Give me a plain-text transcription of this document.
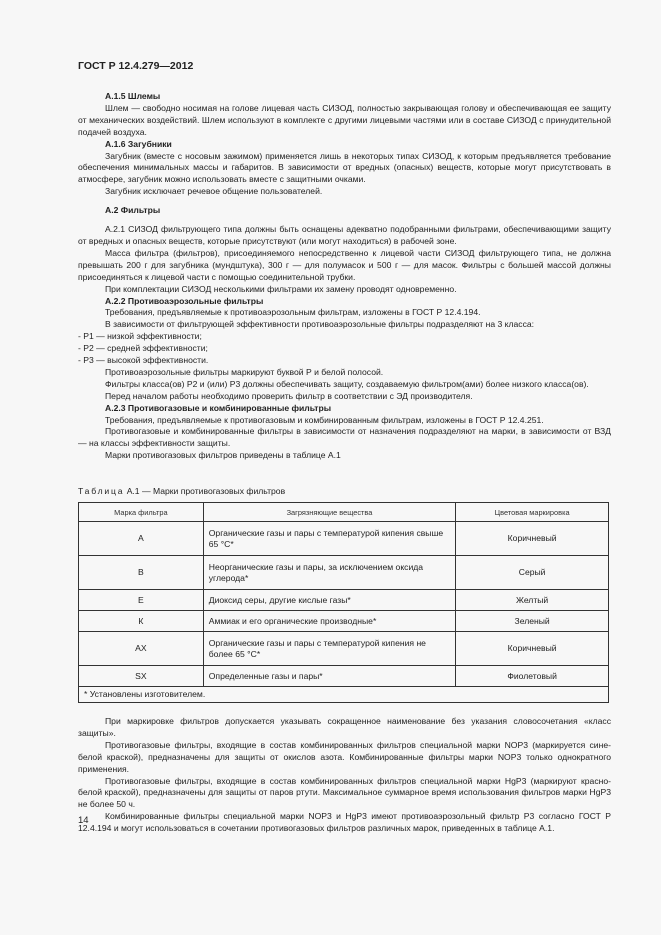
ГОСТ Р 12.4.279—2012

А.1.5 Шлемы

Шлем — свободно носимая на голове лицевая часть СИЗОД, полностью закрывающая голову и обеспечивающая ее защиту от механических воздействий. Шлем используют в комплекте с другими лицевыми частями или в составе СИЗОД с принудительной подачей воздуха.

А.1.6 Загубники

Загубник (вместе с носовым зажимом) применяется лишь в некоторых типах СИЗОД, к которым предъявляется требование обеспечения минимальных массы и габаритов. В зависимости от вредных (опасных) веществ, которые могут присутствовать в атмосфере, загубник можно использовать вместе с защитными очками.

Загубник исключает речевое общение пользователей.

А.2 Фильтры

А.2.1 СИЗОД фильтрующего типа должны быть оснащены адекватно подобранными фильтрами, обеспечивающими защиту от вредных и опасных веществ, которые присутствуют (или могут находиться) в рабочей зоне.

Масса фильтра (фильтров), присоединяемого непосредственно к лицевой части СИЗОД фильтрующего типа, не должна превышать 200 г для загубника (мундштука), 300 г — для полумасок и 500 г — для масок. Фильтры с большей массой должны присоединяться к лицевой части с помощью соединительной трубки.

При комплектации СИЗОД несколькими фильтрами их замену проводят одновременно.

А.2.2 Противоаэрозольные фильтры

Требования, предъявляемые к противоаэрозольным фильтрам, изложены в ГОСТ Р 12.4.194.

В зависимости от фильтрующей эффективности противоаэрозольные фильтры подразделяют на 3 класса:

- Р1 — низкой эффективности;

- Р2 — средней эффективности;

- Р3 — высокой эффективности.

Противоаэрозольные фильтры маркируют буквой Р и белой полосой.

Фильтры класса(ов) Р2 и (или) Р3 должны обеспечивать защиту, создаваемую фильтром(ами) более низкого класса(ов).

Перед началом работы необходимо проверить фильтр в соответствии с ЭД производителя.

А.2.3 Противогазовые и комбинированные фильтры

Требования, предъявляемые к противогазовым и комбинированным фильтрам, изложены в ГОСТ Р 12.4.251.

Противогазовые и комбинированные фильтры в зависимости от назначения подразделяют на марки, в зависимости от ВЗД — на классы эффективности защиты.

Марки противогазовых фильтров приведены в таблице А.1

Таблица А.1 — Марки противогазовых фильтров
Марка фильтра	Загрязняющие вещества	Цветовая маркировка
А	Органические газы и пары с температурой кипения свыше 65 °C*	Коричневый
В	Неорганические газы и пары, за исключением оксида углерода*	Серый
Е	Диоксид серы, другие кислые газы*	Желтый
К	Аммиак и его органические производные*	Зеленый
АХ	Органические газы и пары с температурой кипения не более 65 °C*	Коричневый
SX	Определенные газы и пары*	Фиолетовый
* Установлены изготовителем.		

При маркировке фильтров допускается указывать сокращенное наименование без указания словосочетания «класс защиты».

Противогазовые фильтры, входящие в состав комбинированных фильтров специальной марки NOP3 (маркируется сине-белой краской), предназначены для защиты от окислов азота. Комбинированные фильтры марки NOP3 только однократного применения.

Противогазовые фильтры, входящие в состав комбинированных фильтров специальной марки HgP3 (маркируют красно-белой краской), предназначены для защиты от паров ртути. Максимальное суммарное время использования фильтров марки HgP3 не более 50 ч.

Комбинированные фильтры специальной марки NOP3 и HgP3 имеют противоаэрозольный фильтр Р3 согласно ГОСТ Р 12.4.194 и могут использоваться в сочетании противогазовых фильтров различных марок, приведенных в таблице А.1.

14
